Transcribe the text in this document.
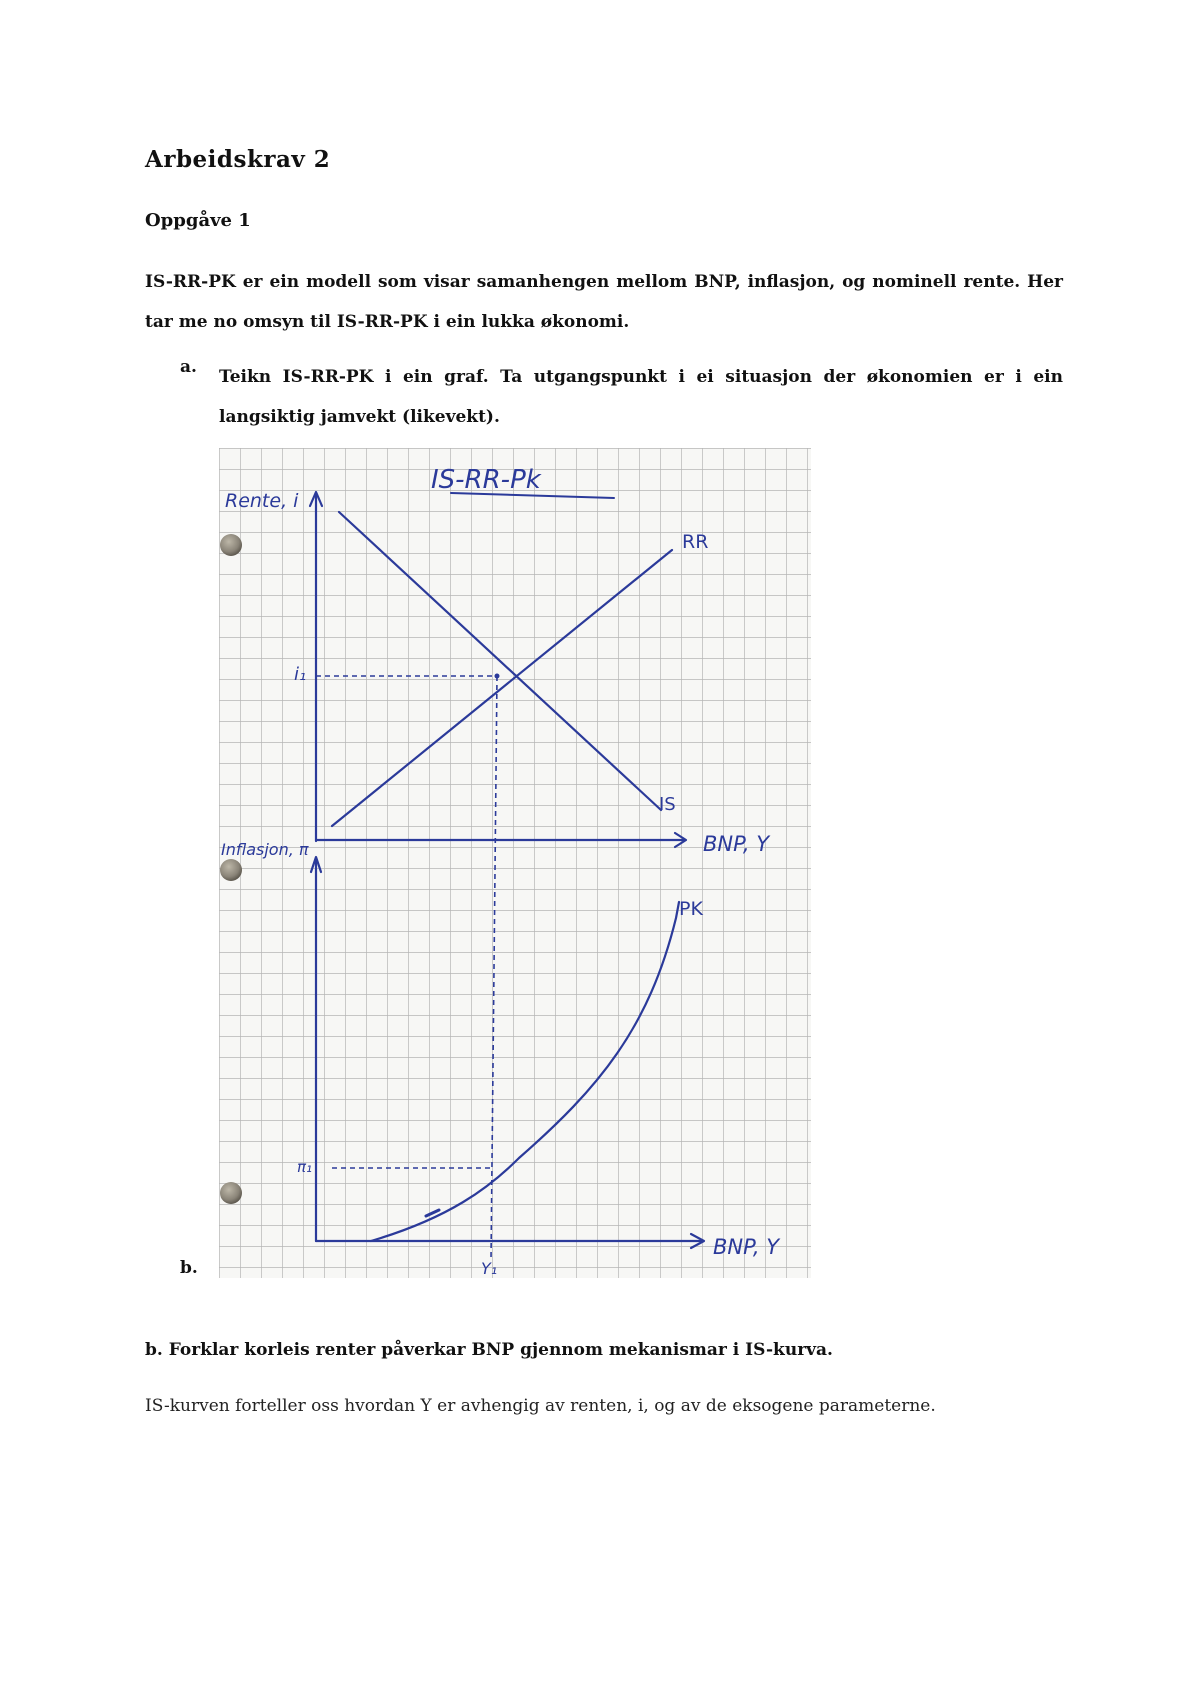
Arbeidskrav 2
Oppgåve 1
IS-RR-PK er ein modell som visar samanhengen mellom BNP, inflasjon, og nominell rente. Her tar me no omsyn til IS-RR-PK i ein lukka økonomi.
a. Teikn IS-RR-PK i ein graf. Ta utgangspunkt i ei situasjon der økonomien er i ein langsiktig jamvekt (likevekt).
b.
IS-RR-Pk
Rente, i
RR
i₁
IS
BNP, Y
Inflasjon, π
PK
π₁
BNP, Y
Y₁
b. Forklar korleis renter påverkar BNP gjennom mekanismar i IS-kurva.
IS-kurven forteller oss hvordan Y er avhengig av renten, i, og av de eksogene parameterne.
